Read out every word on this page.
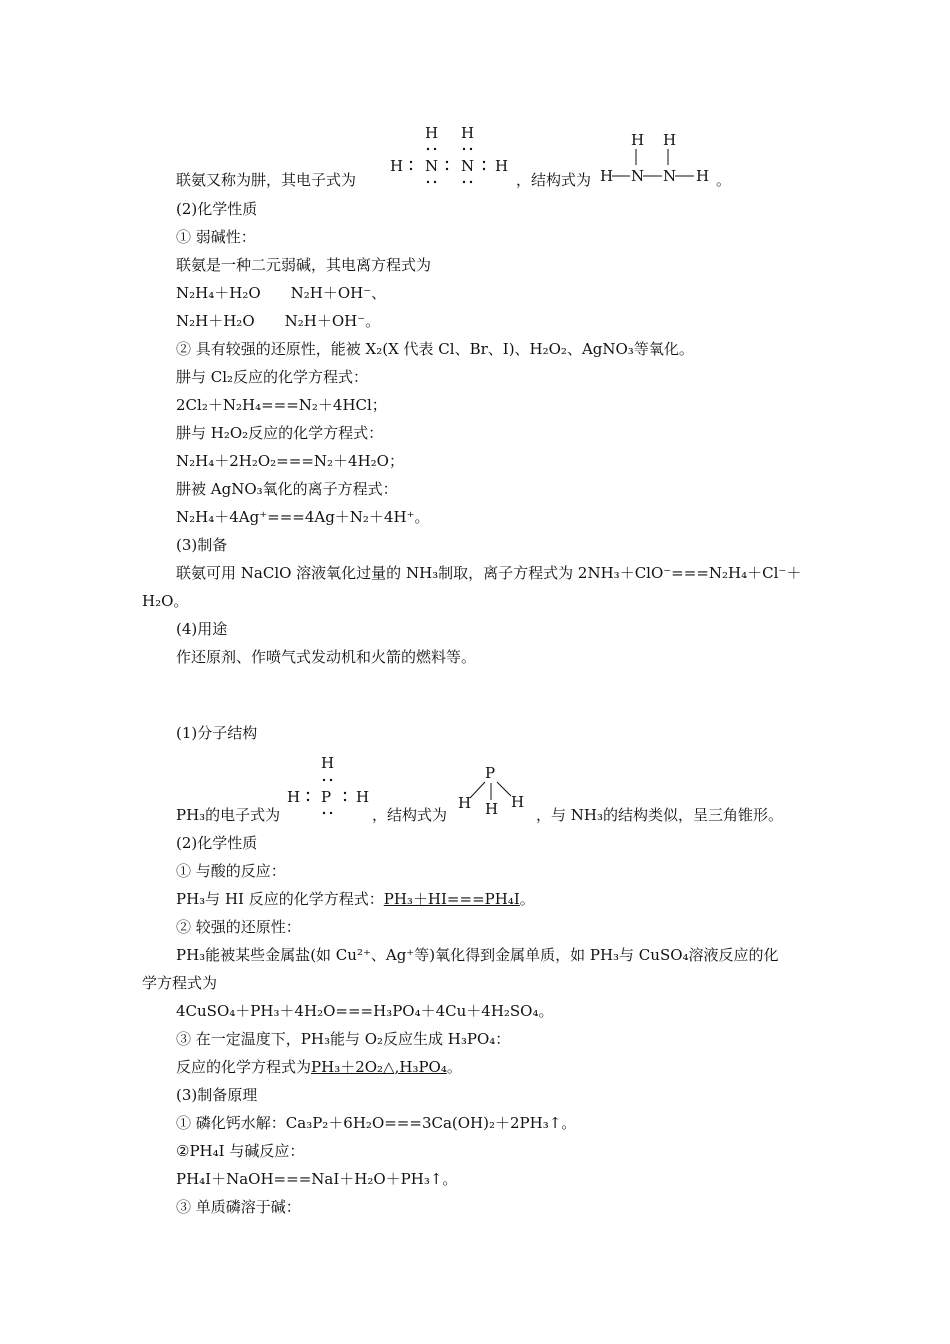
联氨又称为肼，其电子式为
H H
H N N H
，结构式为
H H
H N N H 。
(2)化学性质
① 弱碱性：
联氨是一种二元弱碱，其电离方程式为
N₂H₄＋H₂O　　N₂H＋OH⁻、
N₂H＋H₂O　　N₂H＋OH⁻。
② 具有较强的还原性，能被 X₂(X 代表 Cl、Br、I)、H₂O₂、AgNO₃等氧化。
肼与 Cl₂反应的化学方程式：
2Cl₂＋N₂H₄===N₂＋4HCl；
肼与 H₂O₂反应的化学方程式：
N₂H₄＋2H₂O₂===N₂＋4H₂O；
肼被 AgNO₃氧化的离子方程式：
N₂H₄＋4Ag⁺===4Ag＋N₂＋4H⁺。
(3)制备
联氨可用 NaClO 溶液氧化过量的 NH₃制取，离子方程式为 2NH₃＋ClO⁻===N₂H₄＋Cl⁻＋
H₂O。
(4)用途
作还原剂、作喷气式发动机和火箭的燃料等。
(1)分子结构
PH₃的电子式为
H
H P H
，结构式为
P
H H H
，与 NH₃的结构类似，呈三角锥形。
(2)化学性质
① 与酸的反应：
PH₃与 HI 反应的化学方程式：PH₃＋HI===PH₄I。
② 较强的还原性：
PH₃能被某些金属盐(如 Cu²⁺、Ag⁺等)氧化得到金属单质，如 PH₃与 CuSO₄溶液反应的化
学方程式为
4CuSO₄＋PH₃＋4H₂O===H₃PO₄＋4Cu＋4H₂SO₄。
③ 在一定温度下，PH₃能与 O₂反应生成 H₃PO₄：
反应的化学方程式为PH₃＋2O₂△,H₃PO₄。
(3)制备原理
① 磷化钙水解：Ca₃P₂＋6H₂O===3Ca(OH)₂＋2PH₃↑。
②PH₄I 与碱反应：
PH₄I＋NaOH===NaI＋H₂O＋PH₃↑。
③ 单质磷溶于碱：
